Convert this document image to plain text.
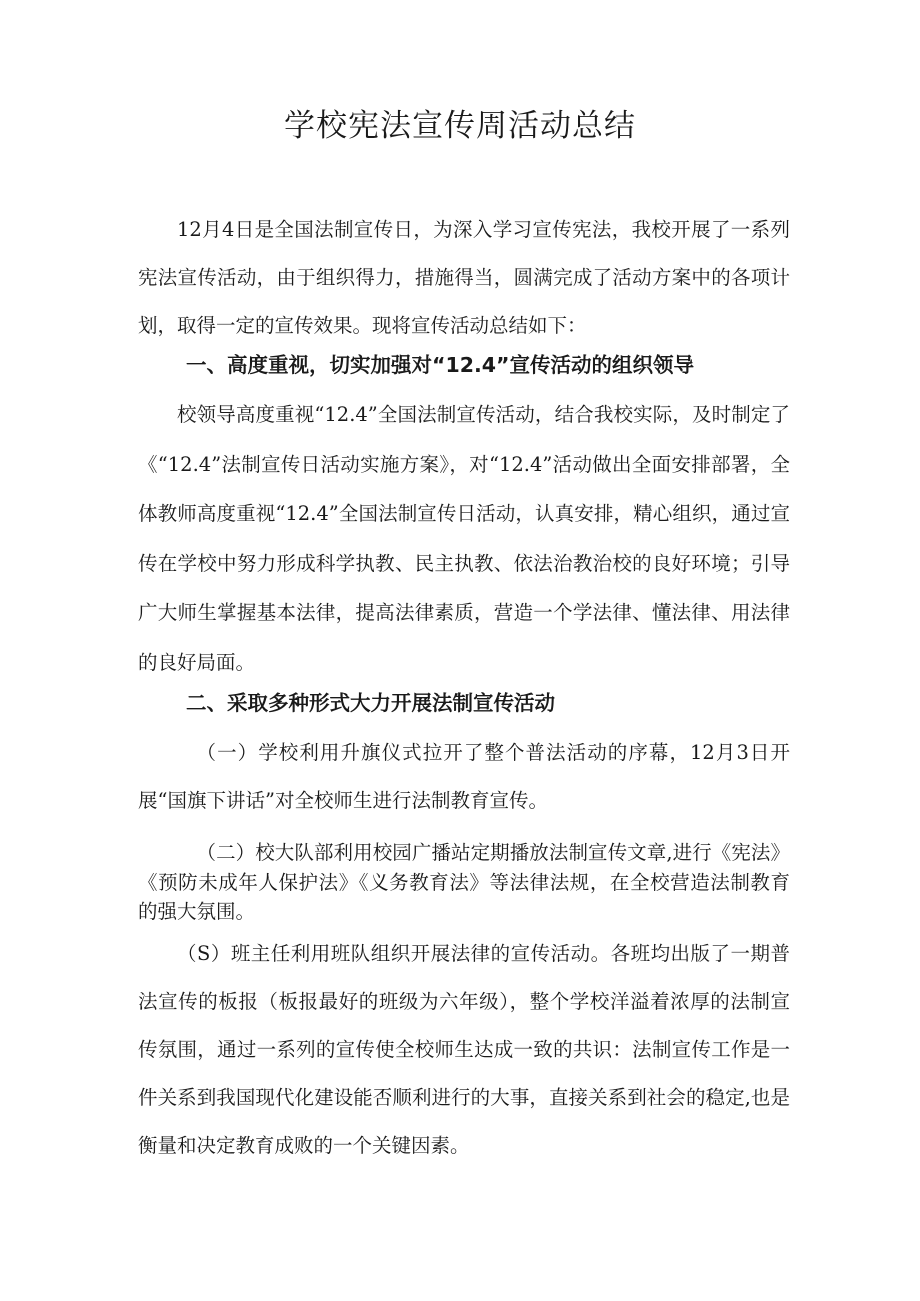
学校宪法宣传周活动总结

12月4日是全国法制宣传日，为深入学习宣传宪法，我校开展了一系列宪法宣传活动，由于组织得力，措施得当，圆满完成了活动方案中的各项计划，取得一定的宣传效果。现将宣传活动总结如下：

一、高度重视，切实加强对“12.4”宣传活动的组织领导

校领导高度重视“12.4”全国法制宣传活动，结合我校实际，及时制定了《“12.4”法制宣传日活动实施方案》，对“12.4”活动做出全面安排部署，全体教师高度重视“12.4”全国法制宣传日活动，认真安排，精心组织，通过宣传在学校中努力形成科学执教、民主执教、依法治教治校的良好环境；引导广大师生掌握基本法律，提高法律素质，营造一个学法律、懂法律、用法律的良好局面。

二、采取多种形式大力开展法制宣传活动

（一）学校利用升旗仪式拉开了整个普法活动的序幕，12月3日开展“国旗下讲话”对全校师生进行法制教育宣传。

（二）校大队部利用校园广播站定期播放法制宣传文章,进行《宪法》《预防未成年人保护法》《义务教育法》等法律法规，在全校营造法制教育的强大氛围。

（S）班主任利用班队组织开展法律的宣传活动。各班均出版了一期普法宣传的板报（板报最好的班级为六年级），整个学校洋溢着浓厚的法制宣传氛围，通过一系列的宣传使全校师生达成一致的共识：法制宣传工作是一件关系到我国现代化建设能否顺利进行的大事，直接关系到社会的稳定,也是衡量和决定教育成败的一个关键因素。
